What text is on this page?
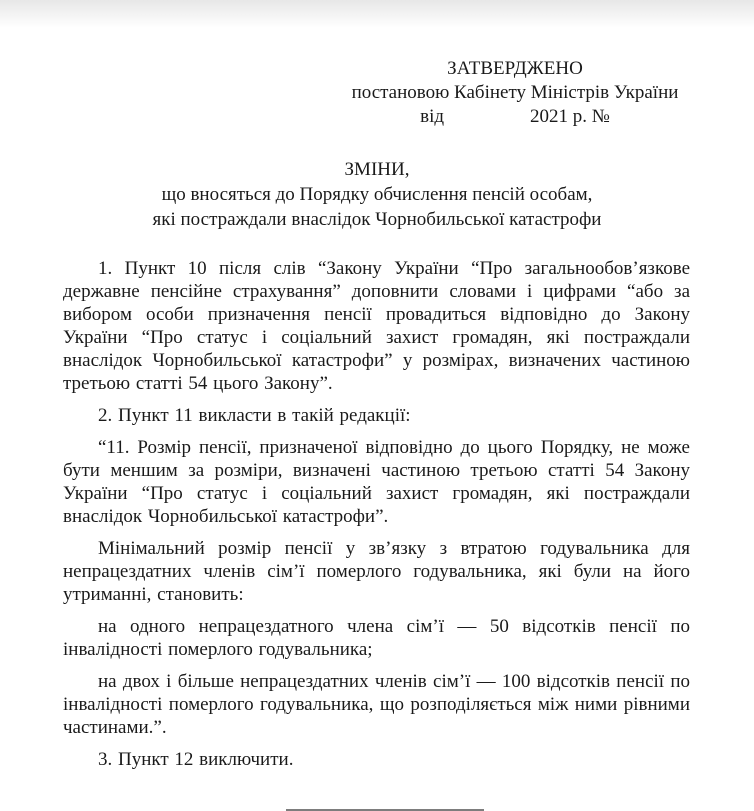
ЗАТВЕРДЖЕНО
постановою Кабінету Міністрів України
від	2021 р. №
ЗМІНИ,
що вносяться до Порядку обчислення пенсій особам,
які постраждали внаслідок Чорнобильської катастрофи

1. Пункт 10 після слів “Закону України “Про загальнообов’язкове державне пенсійне страхування” доповнити словами і цифрами “або за вибором особи призначення пенсії провадиться відповідно до Закону України “Про статус і соціальний захист громадян, які постраждали внаслідок Чорнобильської катастрофи” у розмірах, визначених частиною третьою статті 54 цього Закону”.

2. Пункт 11 викласти в такій редакції:

“11. Розмір пенсії, призначеної відповідно до цього Порядку, не може бути меншим за розміри, визначені частиною третьою статті 54 Закону України “Про статус і соціальний захист громадян, які постраждали внаслідок Чорнобильської катастрофи”.

Мінімальний розмір пенсії у зв’язку з втратою годувальника для непрацездатних членів сім’ї померлого годувальника, які були на його утриманні, становить:

на одного непрацездатного члена сім’ї — 50 відсотків пенсії по інвалідності померлого годувальника;

на двох і більше непрацездатних членів сім’ї — 100 відсотків пенсії по інвалідності померлого годувальника, що розподіляється між ними рівними частинами.”.

3. Пункт 12 виключити.
